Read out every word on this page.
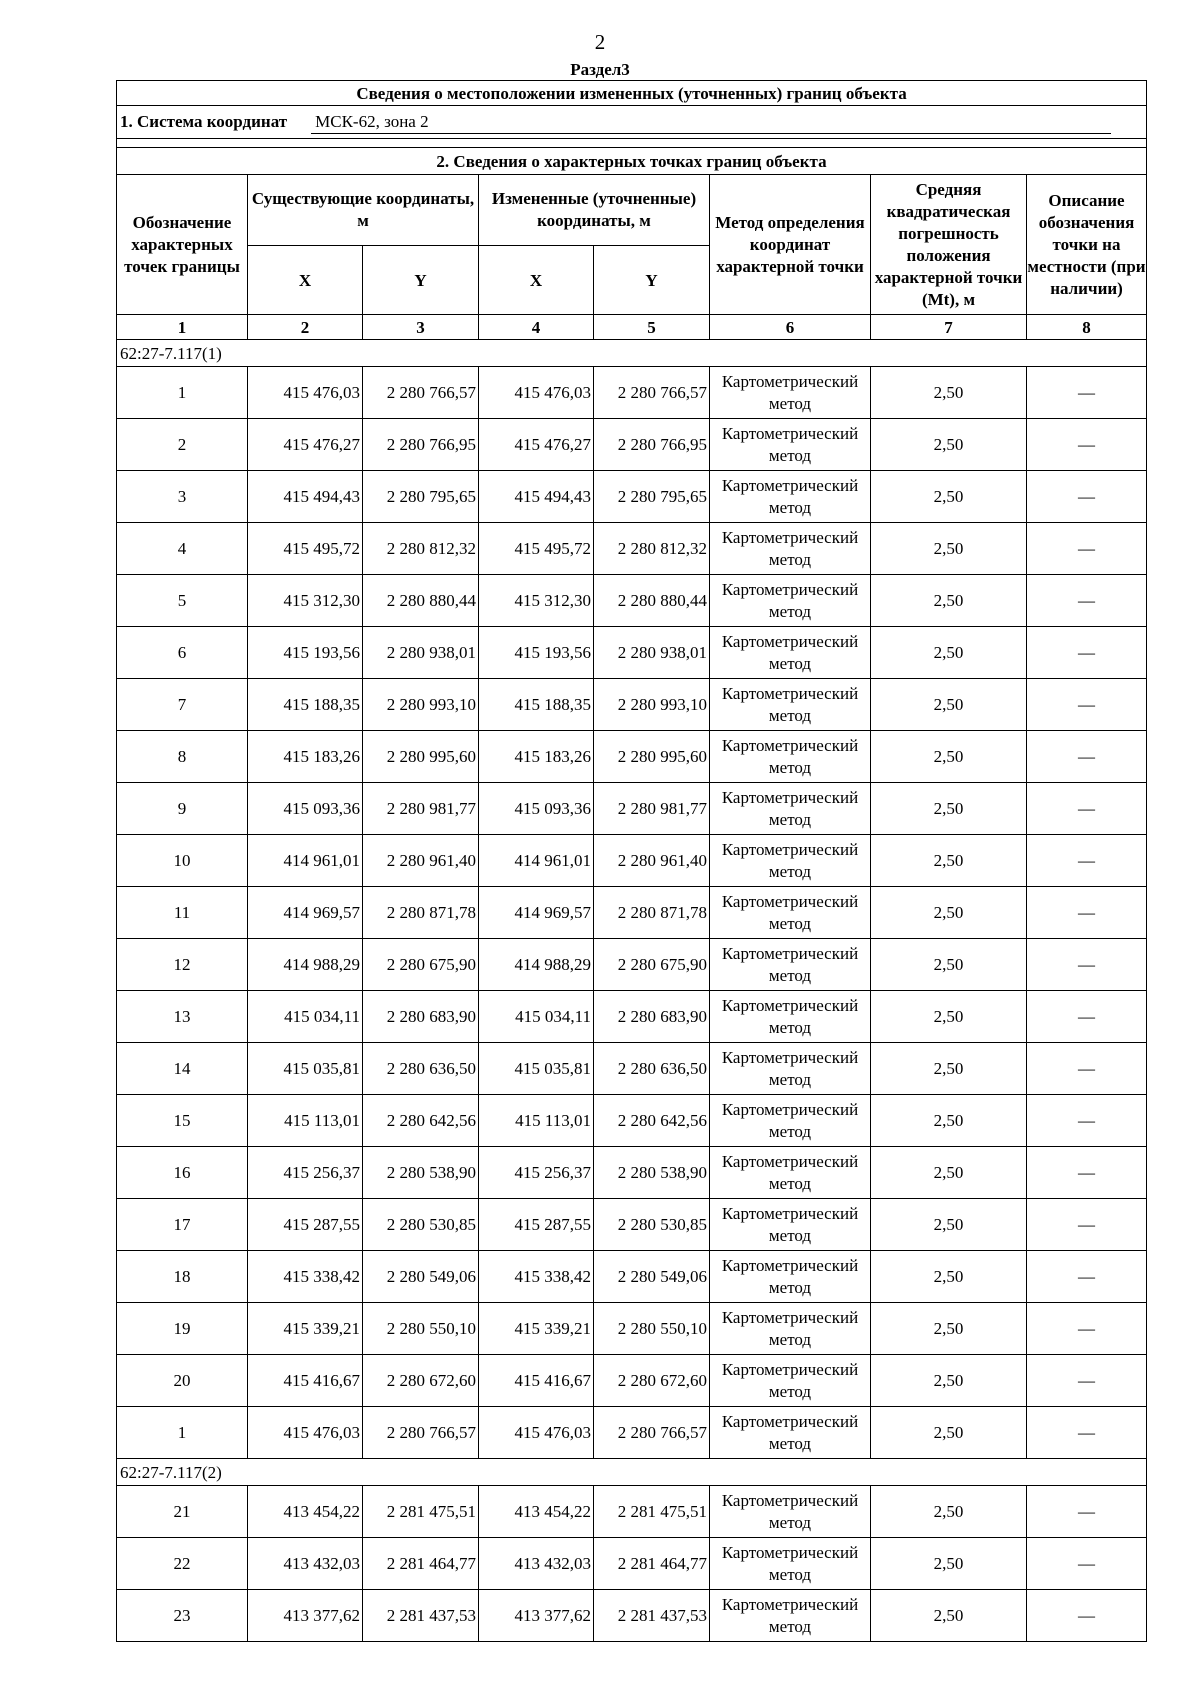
2
Раздел3
Сведения о местоположении измененных (уточненных) границ объекта							
1. Система координат МСК-62, зона 2							

2. Сведения о характерных точках границ объекта							
Обозначение характерных точек границы	Существующие координаты, м		Измененные (уточненные) координаты, м		Метод определения координат характерной точки	Средняя квадратическая погрешность положения характерной точки (Mt), м	Описание обозначения точки на местности (при наличии)
	X	Y	X	Y			
1	2	3	4	5	6	7	8
62:27-7.117(1)							
1	415 476,03	2 280 766,57	415 476,03	2 280 766,57	Картометрический метод	2,50	—
2	415 476,27	2 280 766,95	415 476,27	2 280 766,95	Картометрический метод	2,50	—
3	415 494,43	2 280 795,65	415 494,43	2 280 795,65	Картометрический метод	2,50	—
4	415 495,72	2 280 812,32	415 495,72	2 280 812,32	Картометрический метод	2,50	—
5	415 312,30	2 280 880,44	415 312,30	2 280 880,44	Картометрический метод	2,50	—
6	415 193,56	2 280 938,01	415 193,56	2 280 938,01	Картометрический метод	2,50	—
7	415 188,35	2 280 993,10	415 188,35	2 280 993,10	Картометрический метод	2,50	—
8	415 183,26	2 280 995,60	415 183,26	2 280 995,60	Картометрический метод	2,50	—
9	415 093,36	2 280 981,77	415 093,36	2 280 981,77	Картометрический метод	2,50	—
10	414 961,01	2 280 961,40	414 961,01	2 280 961,40	Картометрический метод	2,50	—
11	414 969,57	2 280 871,78	414 969,57	2 280 871,78	Картометрический метод	2,50	—
12	414 988,29	2 280 675,90	414 988,29	2 280 675,90	Картометрический метод	2,50	—
13	415 034,11	2 280 683,90	415 034,11	2 280 683,90	Картометрический метод	2,50	—
14	415 035,81	2 280 636,50	415 035,81	2 280 636,50	Картометрический метод	2,50	—
15	415 113,01	2 280 642,56	415 113,01	2 280 642,56	Картометрический метод	2,50	—
16	415 256,37	2 280 538,90	415 256,37	2 280 538,90	Картометрический метод	2,50	—
17	415 287,55	2 280 530,85	415 287,55	2 280 530,85	Картометрический метод	2,50	—
18	415 338,42	2 280 549,06	415 338,42	2 280 549,06	Картометрический метод	2,50	—
19	415 339,21	2 280 550,10	415 339,21	2 280 550,10	Картометрический метод	2,50	—
20	415 416,67	2 280 672,60	415 416,67	2 280 672,60	Картометрический метод	2,50	—
1	415 476,03	2 280 766,57	415 476,03	2 280 766,57	Картометрический метод	2,50	—
62:27-7.117(2)							
21	413 454,22	2 281 475,51	413 454,22	2 281 475,51	Картометрический метод	2,50	—
22	413 432,03	2 281 464,77	413 432,03	2 281 464,77	Картометрический метод	2,50	—
23	413 377,62	2 281 437,53	413 377,62	2 281 437,53	Картометрический метод	2,50	—
